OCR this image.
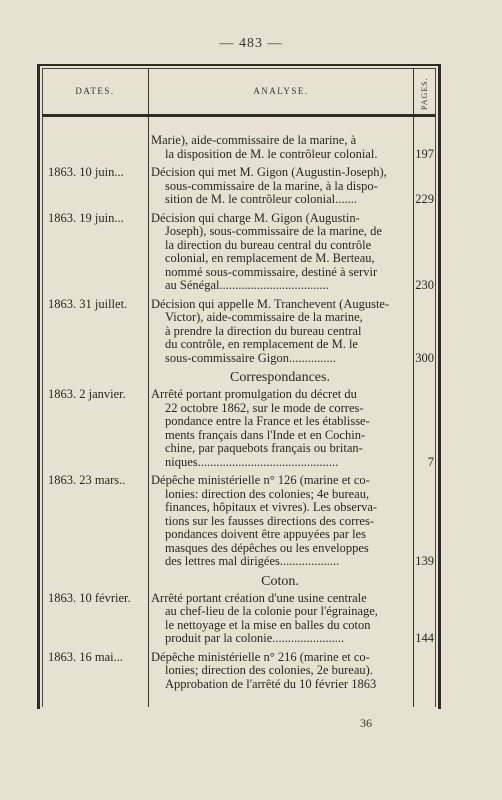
— 483 —
DATES.	ANALYSE.	PAGES.
Marie), aide-commissaire de la marine, à
la disposition de M. le contrôleur colonial.	197
1863. 10 juin...	Décision qui met M. Gigon (Augustin-Joseph),
sous-commissaire de la marine, à la dispo-
sition de M. le contrôleur colonial.......	229
1863. 19 juin...	Décision qui charge M. Gigon (Augustin-
Joseph), sous-commissaire de la marine, de
la direction du bureau central du contrôle
colonial, en remplacement de M. Berteau,
nommé sous-commissaire, destiné à servir
au Sénégal...................................	230
1863. 31 juillet.	Décision qui appelle M. Tranchevent (Auguste-
Victor), aide-commissaire de la marine,
à prendre la direction du bureau central
du contrôle, en remplacement de M. le
sous-commissaire Gigon...............	300
Correspondances.
1863. 2 janvier.	Arrêté portant promulgation du décret du
22 octobre 1862, sur le mode de corres-
pondance entre la France et les établisse-
ments français dans l'Inde et en Cochin-
chine, par paquebots français ou britan-
niques.............................................	7
1863. 23 mars..	Dépêche ministérielle n° 126 (marine et co-
lonies: direction des colonies; 4e bureau,
finances, hôpitaux et vivres). Les observa-
tions sur les fausses directions des corres-
pondances doivent être appuyées par les
masques des dépêches ou les enveloppes
des lettres mal dirigées...................	139
Coton.
1863. 10 février.	Arrêté portant création d'une usine centrale
au chef-lieu de la colonie pour l'égrainage,
le nettoyage et la mise en balles du coton
produit par la colonie.......................	144
1863. 16 mai...	Dépêche ministérielle n° 216 (marine et co-
lonies; direction des colonies, 2e bureau).
Approbation de l'arrêté du 10 février 1863
36
